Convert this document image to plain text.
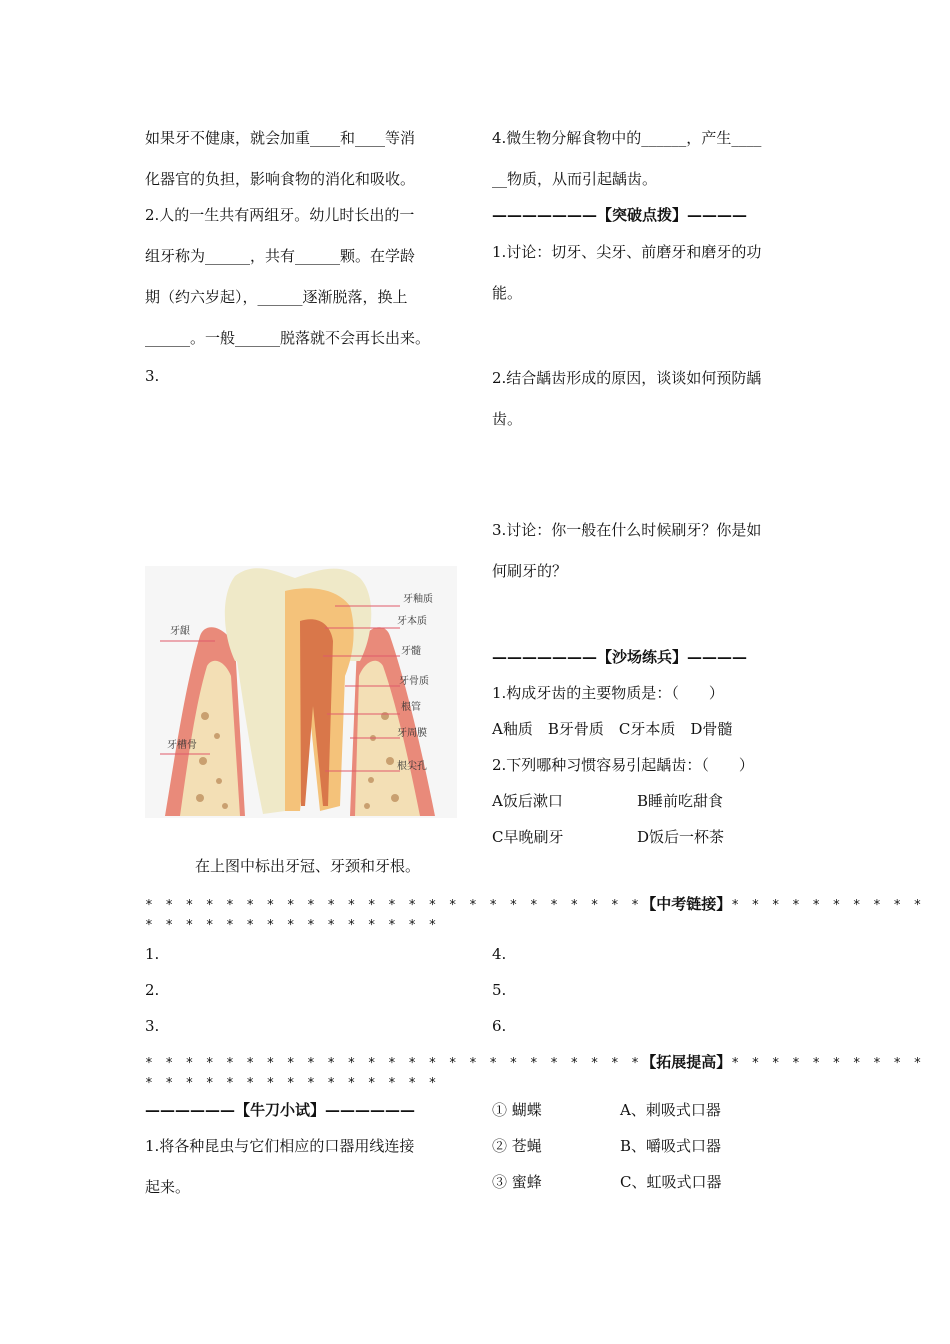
如果牙不健康，就会加重____和____等消
化器官的负担，影响食物的消化和吸收。
2.人的一生共有两组牙。幼儿时长出的一
组牙称为______，共有______颗。在学龄
期（约六岁起），______逐渐脱落，换上
______。一般______脱落就不会再长出来。
3.
4.微生物分解食物中的______，产生____
__物质，从而引起龋齿。
———————【突破点拨】————
1.讨论：切牙、尖牙、前磨牙和磨牙的功
能。
2.结合龋齿形成的原因，谈谈如何预防龋
齿。
3.讨论：你一般在什么时候刷牙？你是如
何刷牙的？
———————【沙场练兵】————
1.构成牙齿的主要物质是：（　　）
A釉质　B牙骨质　C牙本质　D骨髓
2.下列哪种习惯容易引起龋齿：（　　）
A饭后漱口	B睡前吃甜食
C早晚刷牙	D饭后一杯茶
牙釉质
牙本质
牙髓
牙骨质
根管
牙周膜
根尖孔
牙龈
牙槽骨
在上图中标出牙冠、牙颈和牙根。
* * * * * * * * * * * * * * * * * * * * * * * * *【中考链接】* * * * * * * * * *
* * * * * * * * * * * * * * *
1.
2.
3.
4.
5.
6.
* * * * * * * * * * * * * * * * * * * * * * * * *【拓展提高】* * * * * * * * * *
* * * * * * * * * * * * * * *
——————【牛刀小试】——————
1.将各种昆虫与它们相应的口器用线连接
起来。
① 蝴蝶
② 苍蝇
③ 蜜蜂
A、刺吸式口器
B、嚼吸式口器
C、虹吸式口器
